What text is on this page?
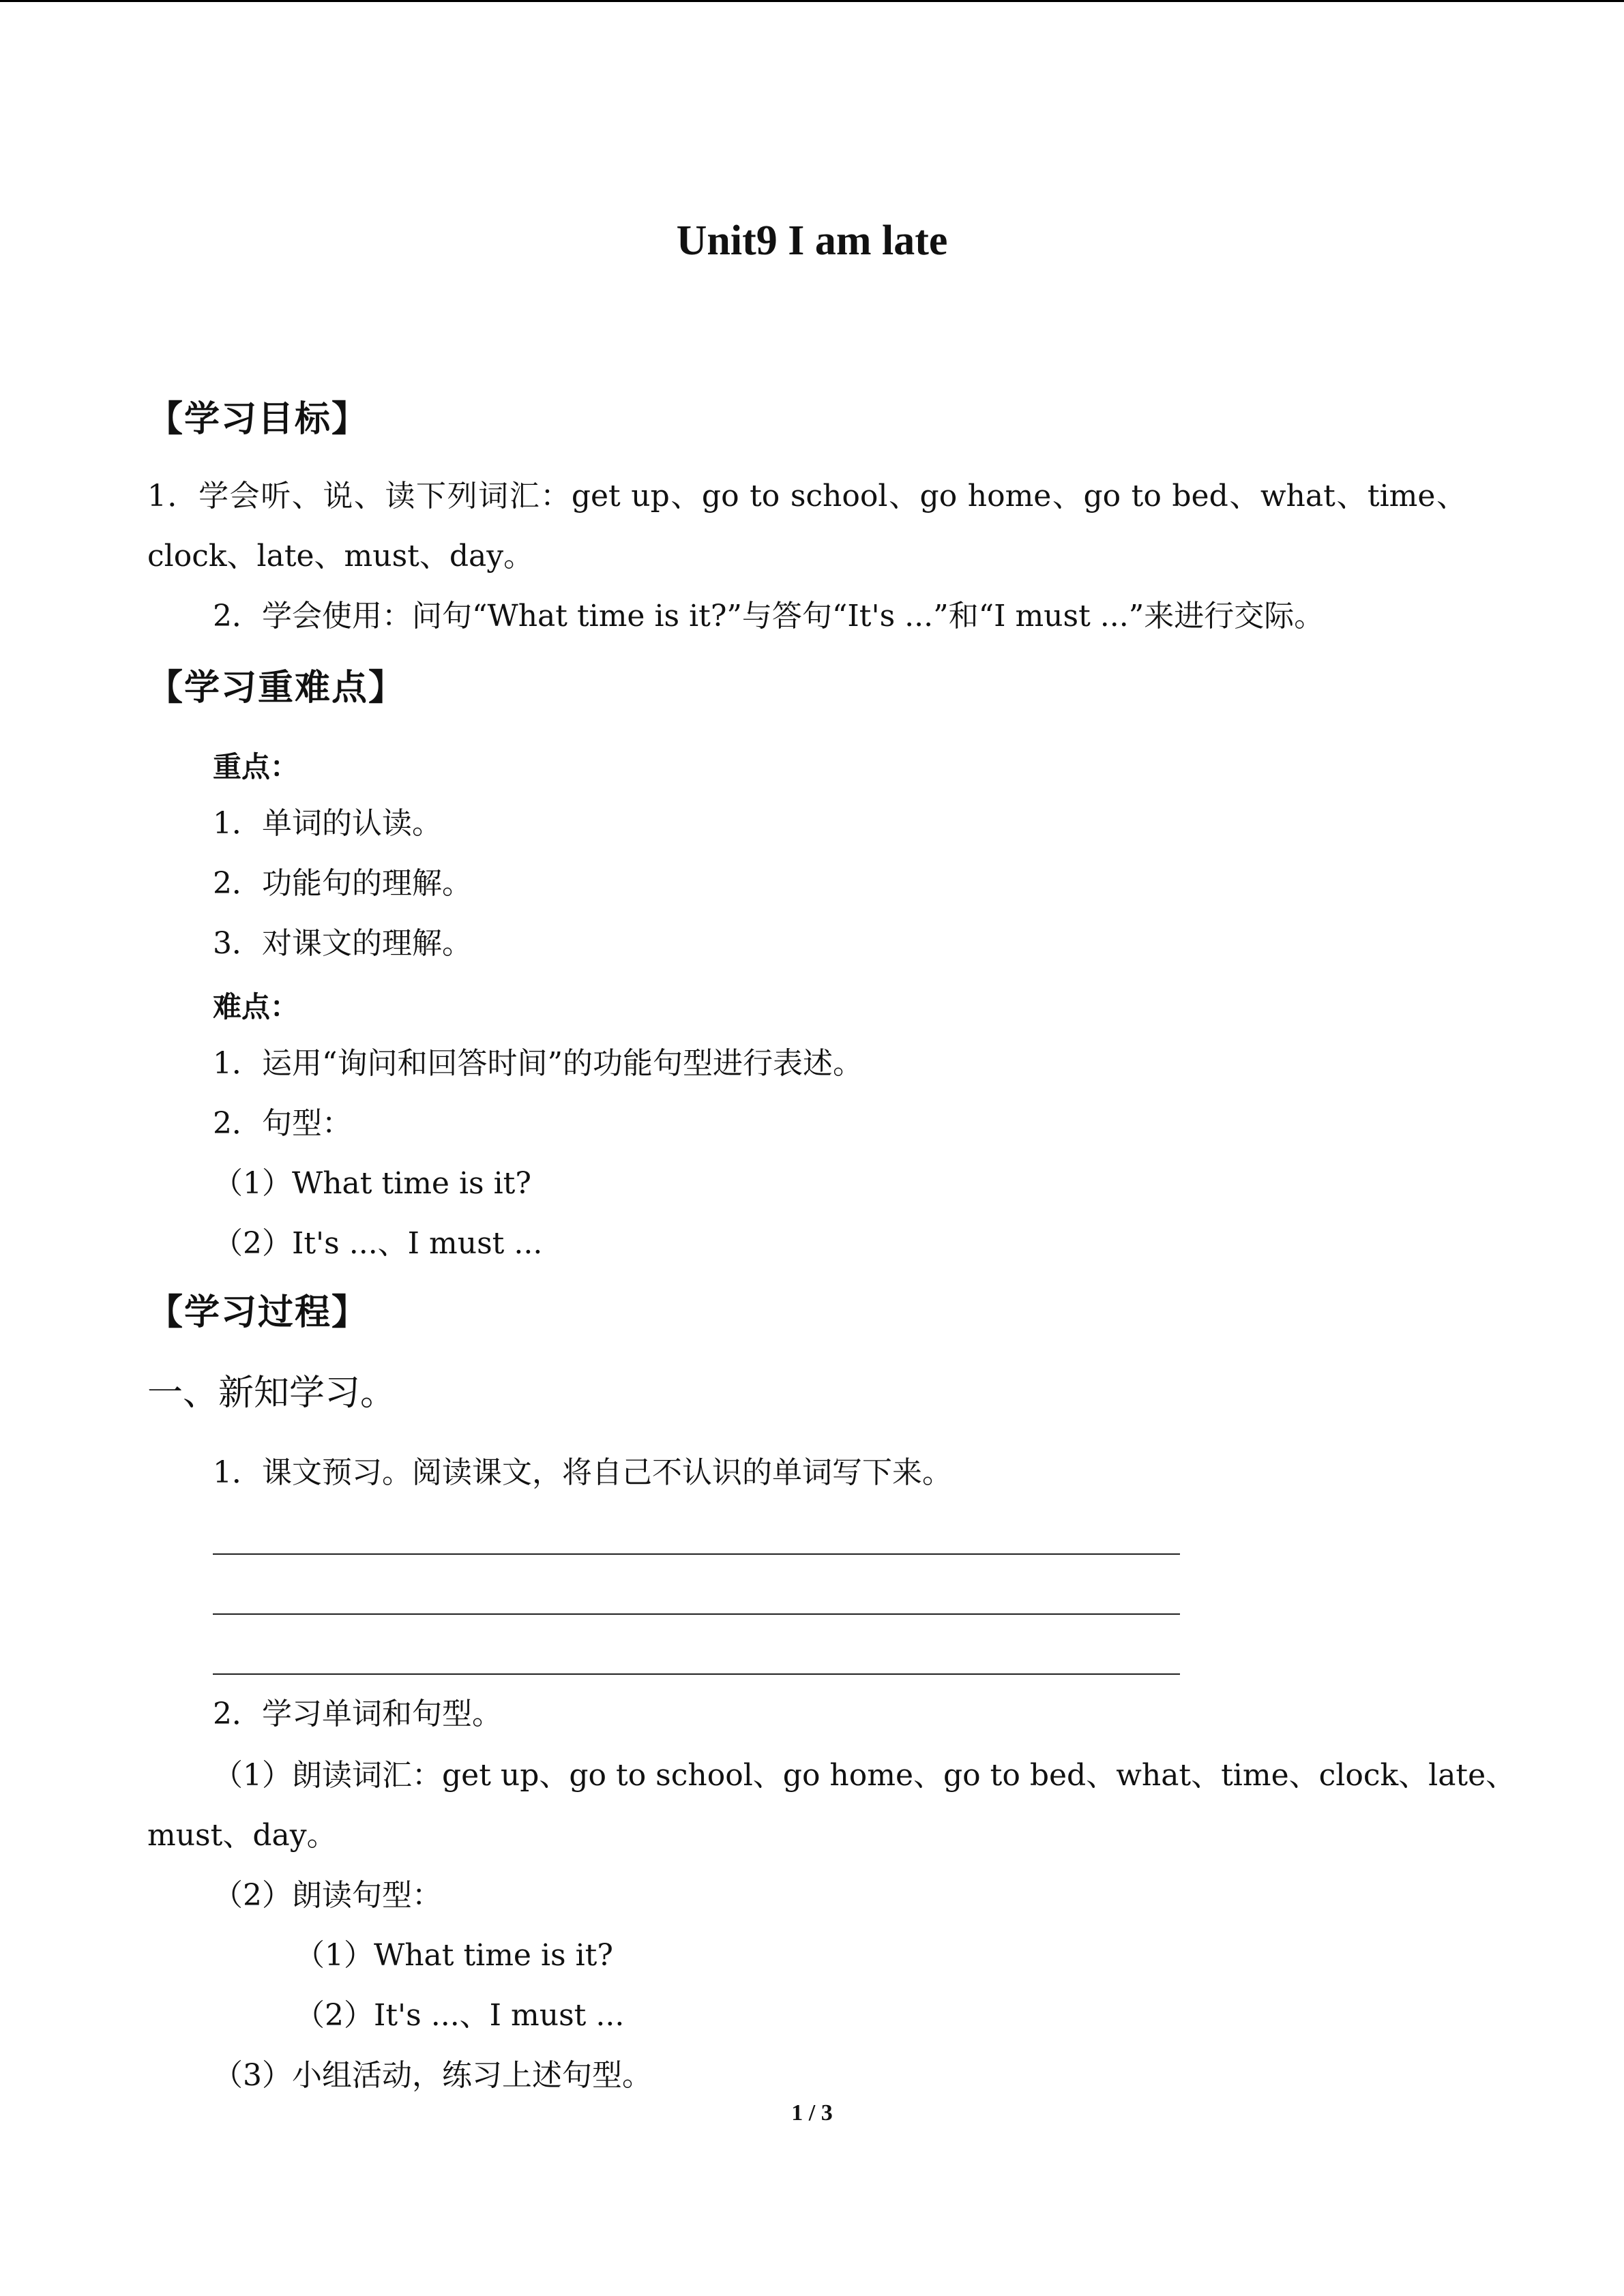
Unit9 I am late
【学习目标】
1．学会听、说、读下列词汇：get up、go to school、go home、go to bed、what、time、
clock、late、must、day。
2．学会使用：问句“What time is it?”与答句“It's ...”和“I must ...”来进行交际。
【学习重难点】
重点：
1．单词的认读。
2．功能句的理解。
3．对课文的理解。
难点：
1．运用“询问和回答时间”的功能句型进行表述。
2．句型：
（1）What time is it?
（2）It's ...、I must ...
【学习过程】
一、新知学习。
1．课文预习。阅读课文，将自己不认识的单词写下来。
2．学习单词和句型。
（1）朗读词汇：get up、go to school、go home、go to bed、what、time、clock、late、
must、day。
（2）朗读句型：
（1）What time is it?
（2）It's ...、I must ...
（3）小组活动，练习上述句型。
1 / 3
